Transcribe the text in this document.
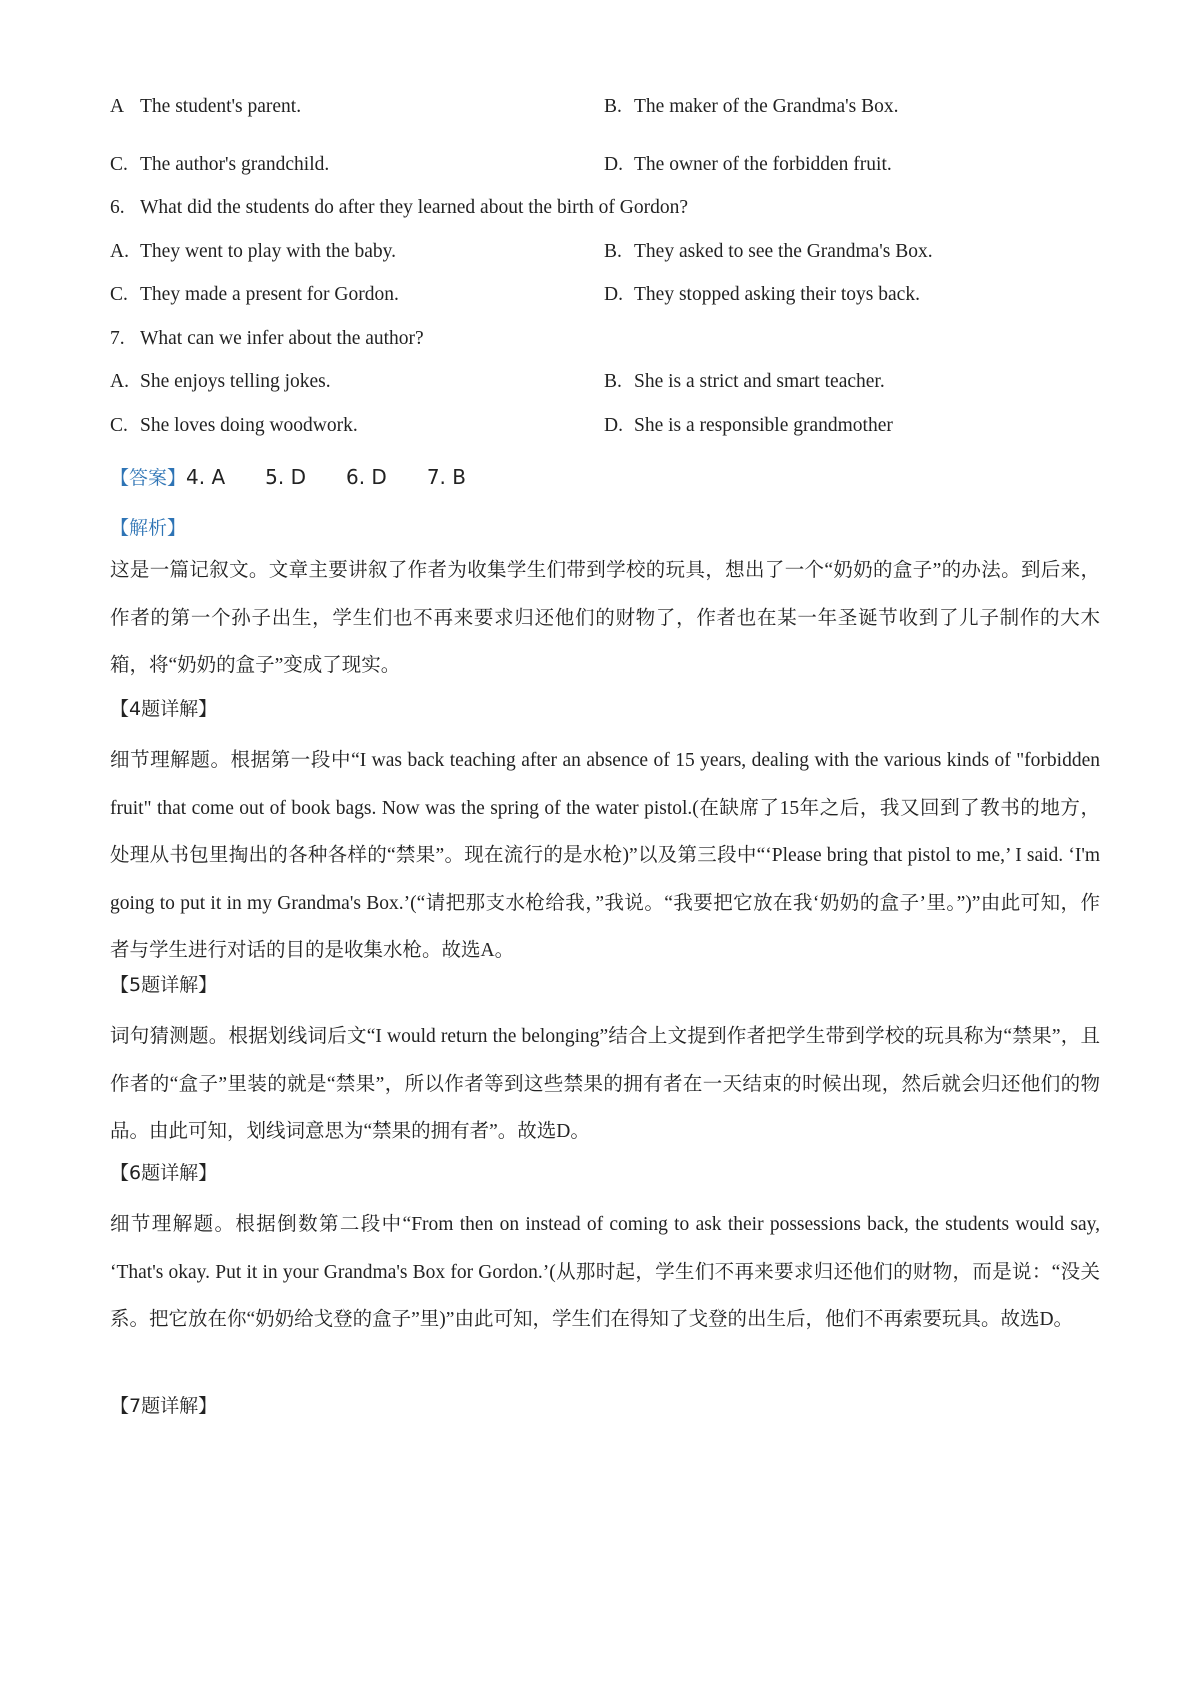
A The student's parent.	B. The maker of the Grandma's Box.
C. The author's grandchild.	D. The owner of the forbidden fruit.
6. What did the students do after they learned about the birth of Gordon?
A. They went to play with the baby.	B. They asked to see the Grandma's Box.
C. They made a present for Gordon.	D. They stopped asking their toys back.
7. What can we infer about the author?
A. She enjoys telling jokes.	B. She is a strict and smart teacher.
C. She loves doing woodwork.	D. She is a responsible grandmother
【答案】4. A 5. D 6. D 7. B
【解析】
这是一篇记叙文。文章主要讲叙了作者为收集学生们带到学校的玩具，想出了一个“奶奶的盒子”的办法。到后来，作者的第一个孙子出生，学生们也不再来要求归还他们的财物了，作者也在某一年圣诞节收到了儿子制作的大木箱，将“奶奶的盒子”变成了现实。
【4题详解】
细节理解题。根据第一段中“I was back teaching after an absence of 15 years, dealing with the various kinds of "forbidden fruit" that come out of book bags. Now was the spring of the water pistol.(在缺席了15年之后，我又回到了教书的地方，处理从书包里掏出的各种各样的“禁果”。现在流行的是水枪)”以及第三段中“‘Please bring that pistol to me,’ I said. ‘I'm going to put it in my Grandma's Box.’(“请把那支水枪给我，”我说。“我要把它放在我‘奶奶的盒子’里。”)”由此可知，作者与学生进行对话的目的是收集水枪。故选A。
【5题详解】
词句猜测题。根据划线词后文“I would return the belonging”结合上文提到作者把学生带到学校的玩具称为“禁果”，且作者的“盒子”里装的就是“禁果”，所以作者等到这些禁果的拥有者在一天结束的时候出现，然后就会归还他们的物品。由此可知，划线词意思为“禁果的拥有者”。故选D。
【6题详解】
细节理解题。根据倒数第二段中“From then on instead of coming to ask their possessions back, the students would say, ‘That's okay. Put it in your Grandma's Box for Gordon.’(从那时起，学生们不再来要求归还他们的财物，而是说：“没关系。把它放在你“奶奶给戈登的盒子”里)”由此可知，学生们在得知了戈登的出生后，他们不再索要玩具。故选D。
【7题详解】
